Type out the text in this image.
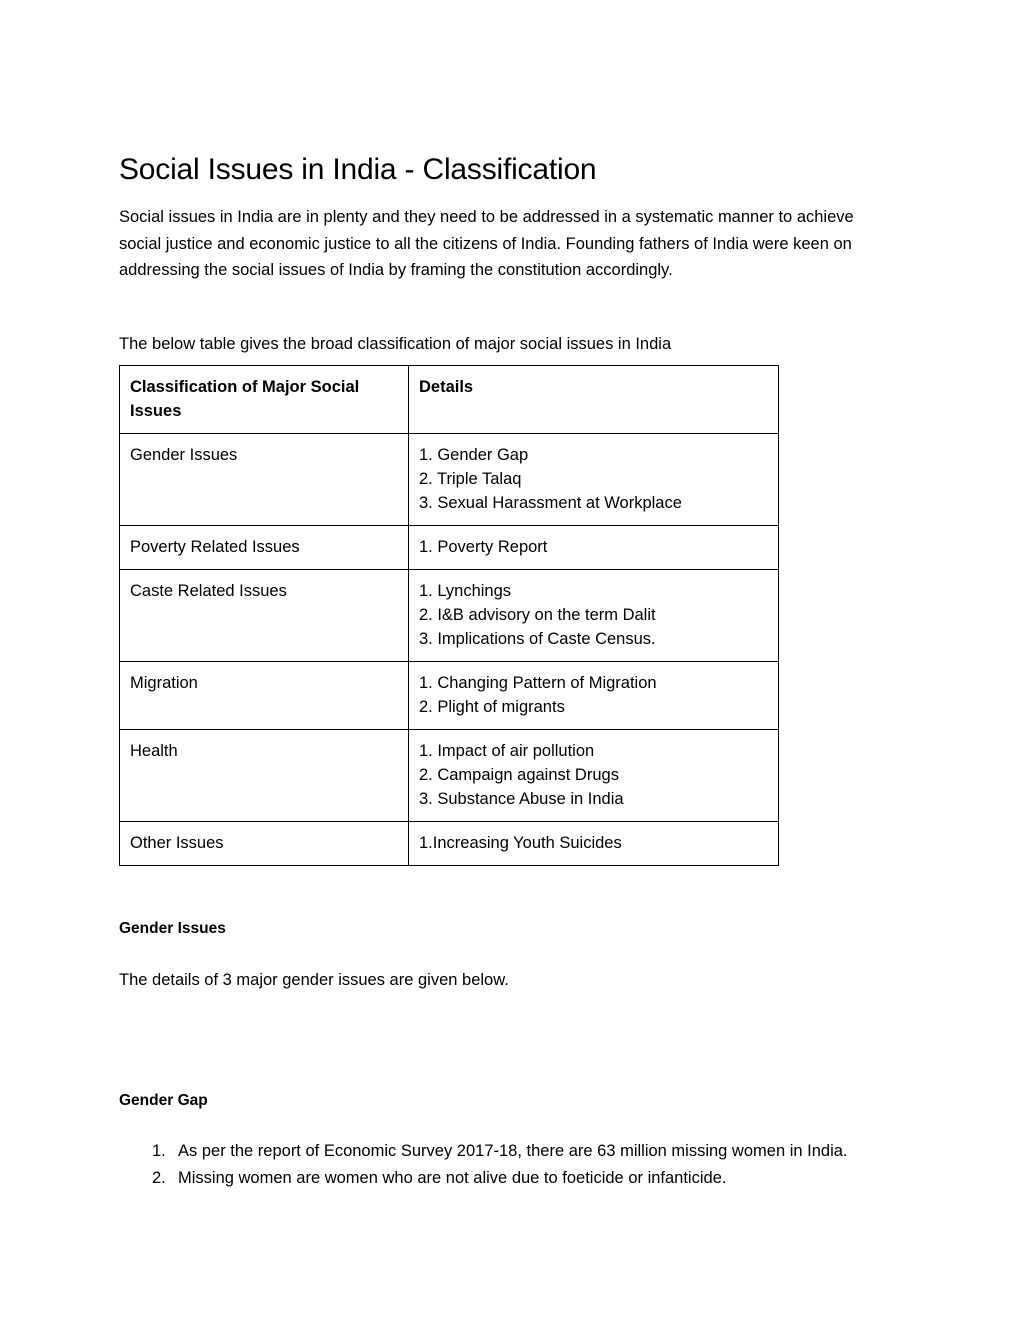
Social Issues in India - Classification

Social issues in India are in plenty and they need to be addressed in a systematic manner to achieve social justice and economic justice to all the citizens of India. Founding fathers of India were keen on addressing the social issues of India by framing the constitution accordingly.

The below table gives the broad classification of major social issues in India

Classification of Major Social Issues	Details
Gender Issues	1. Gender Gap
2. Triple Talaq
3. Sexual Harassment at Workplace

Poverty Related Issues	1. Poverty Report

Caste Related Issues	1. Lynchings
2. I&B advisory on the term Dalit
3. Implications of Caste Census.

Migration	1. Changing Pattern of Migration
2. Plight of migrants

Health	1. Impact of air pollution
2. Campaign against Drugs
3. Substance Abuse in India

Other Issues	1.Increasing Youth Suicides
Gender Issues

The details of 3 major gender issues are given below.

Gender Gap
1. As per the report of Economic Survey 2017-18, there are 63 million missing women in India.
2. Missing women are women who are not alive due to foeticide or infanticide.
